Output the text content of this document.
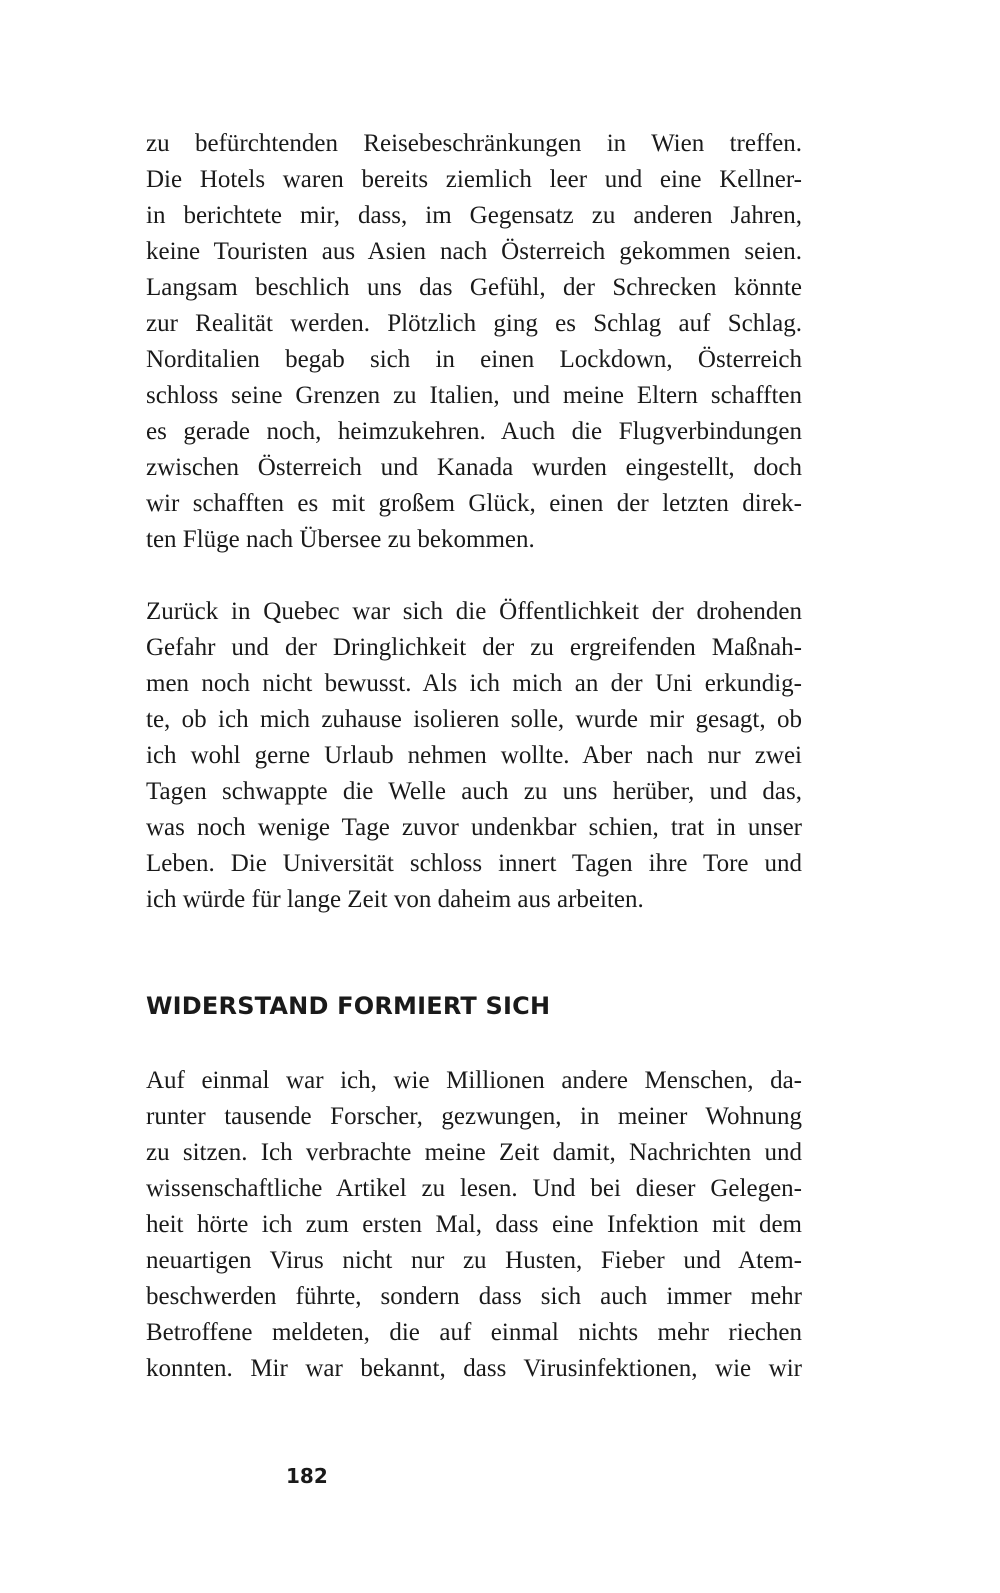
zu befürchtenden Reisebeschränkungen in Wien treffen.
Die Hotels waren bereits ziemlich leer und eine Kellner-
in berichtete mir, dass, im Gegensatz zu anderen Jahren,
keine Touristen aus Asien nach Österreich gekommen seien.
Langsam beschlich uns das Gefühl, der Schrecken könnte
zur Realität werden. Plötzlich ging es Schlag auf Schlag.
Norditalien begab sich in einen Lockdown, Österreich
schloss seine Grenzen zu Italien, und meine Eltern schafften
es gerade noch, heimzukehren. Auch die Flugverbindungen
zwischen Österreich und Kanada wurden eingestellt, doch
wir schafften es mit großem Glück, einen der letzten direk-
ten Flüge nach Übersee zu bekommen.
Zurück in Quebec war sich die Öffentlichkeit der drohenden
Gefahr und der Dringlichkeit der zu ergreifenden Maßnah-
men noch nicht bewusst. Als ich mich an der Uni erkundig-
te, ob ich mich zuhause isolieren solle, wurde mir gesagt, ob
ich wohl gerne Urlaub nehmen wollte. Aber nach nur zwei
Tagen schwappte die Welle auch zu uns herüber, und das,
was noch wenige Tage zuvor undenkbar schien, trat in unser
Leben. Die Universität schloss innert Tagen ihre Tore und
ich würde für lange Zeit von daheim aus arbeiten.
WIDERSTAND FORMIERT SICH
Auf einmal war ich, wie Millionen andere Menschen, da-
runter tausende Forscher, gezwungen, in meiner Wohnung
zu sitzen. Ich verbrachte meine Zeit damit, Nachrichten und
wissenschaftliche Artikel zu lesen. Und bei dieser Gelegen-
heit hörte ich zum ersten Mal, dass eine Infektion mit dem
neuartigen Virus nicht nur zu Husten, Fieber und Atem-
beschwerden führte, sondern dass sich auch immer mehr
Betroffene meldeten, die auf einmal nichts mehr riechen
konnten. Mir war bekannt, dass Virusinfektionen, wie wir
182
